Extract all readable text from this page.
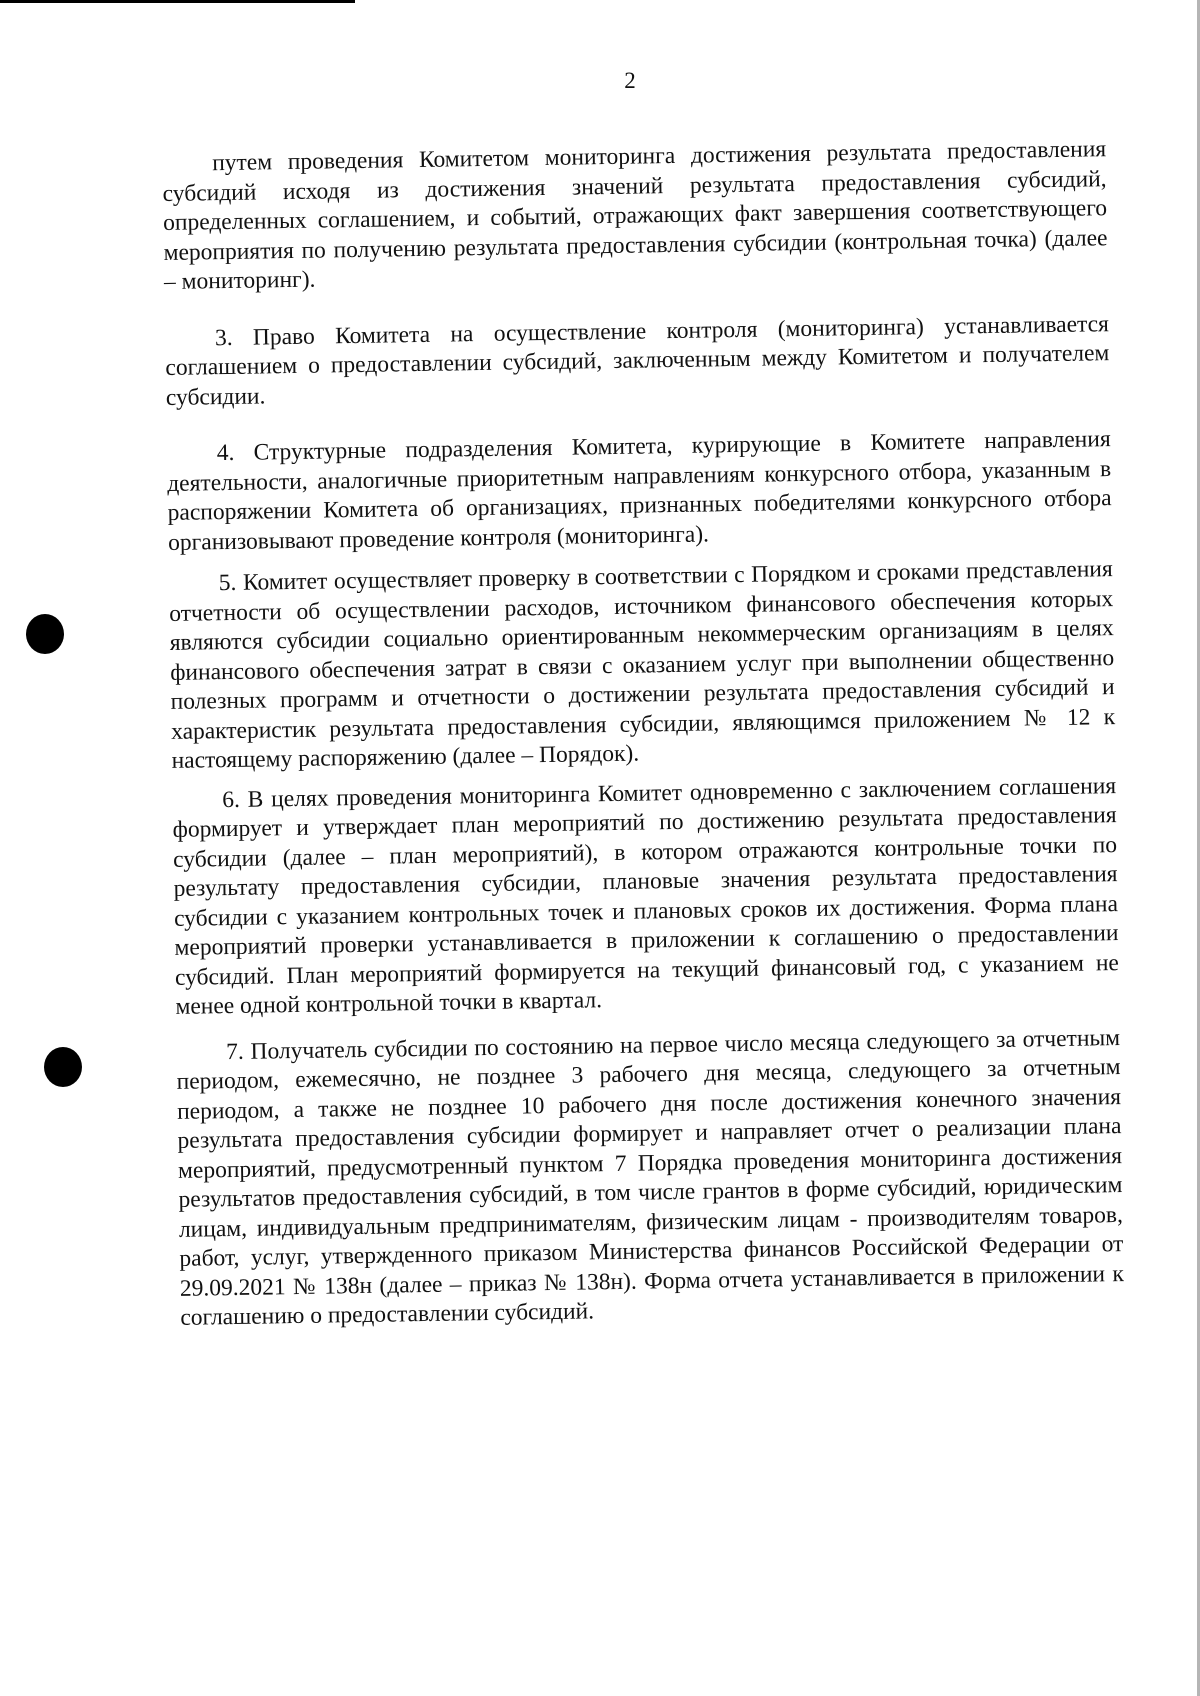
2

путем проведения Комитетом мониторинга достижения результата предоставления субсидий исходя из достижения значений результата предоставления субсидий, определенных соглашением, и событий, отражающих факт завершения соответствующего мероприятия по получению результата предоставления субсидии (контрольная точка) (далее – мониторинг).

3. Право Комитета на осуществление контроля (мониторинга) устанавливается соглашением о предоставлении субсидий, заключенным между Комитетом и получателем субсидии.

4. Структурные подразделения Комитета, курирующие в Комитете направления деятельности, аналогичные приоритетным направлениям конкурсного отбора, указанным в распоряжении Комитета об организациях, признанных победителями конкурсного отбора организовывают проведение контроля (мониторинга).

5. Комитет осуществляет проверку в соответствии с Порядком и сроками представления отчетности об осуществлении расходов, источником финансового обеспечения которых являются субсидии социально ориентированным некоммерческим организациям в целях финансового обеспечения затрат в связи с оказанием услуг при выполнении общественно полезных программ и отчетности о достижении результата предоставления субсидий и характеристик результата предоставления субсидии, являющимся приложением № 12 к настоящему распоряжению (далее – Порядок).

6. В целях проведения мониторинга Комитет одновременно с заключением соглашения формирует и утверждает план мероприятий по достижению результата предоставления субсидии (далее – план мероприятий), в котором отражаются контрольные точки по результату предоставления субсидии, плановые значения результата предоставления субсидии с указанием контрольных точек и плановых сроков их достижения. Форма плана мероприятий проверки устанавливается в приложении к соглашению о предоставлении субсидий. План мероприятий формируется на текущий финансовый год, с указанием не менее одной контрольной точки в квартал.

7. Получатель субсидии по состоянию на первое число месяца следующего за отчетным периодом, ежемесячно, не позднее 3 рабочего дня месяца, следующего за отчетным периодом, а также не позднее 10 рабочего дня после достижения конечного значения результата предоставления субсидии формирует и направляет отчет о реализации плана мероприятий, предусмотренный пунктом 7 Порядка проведения мониторинга достижения результатов предоставления субсидий, в том числе грантов в форме субсидий, юридическим лицам, индивидуальным предпринимателям, физическим лицам - производителям товаров, работ, услуг, утвержденного приказом Министерства финансов Российской Федерации от 29.09.2021 № 138н (далее – приказ № 138н). Форма отчета устанавливается в приложении к соглашению о предоставлении субсидий.
